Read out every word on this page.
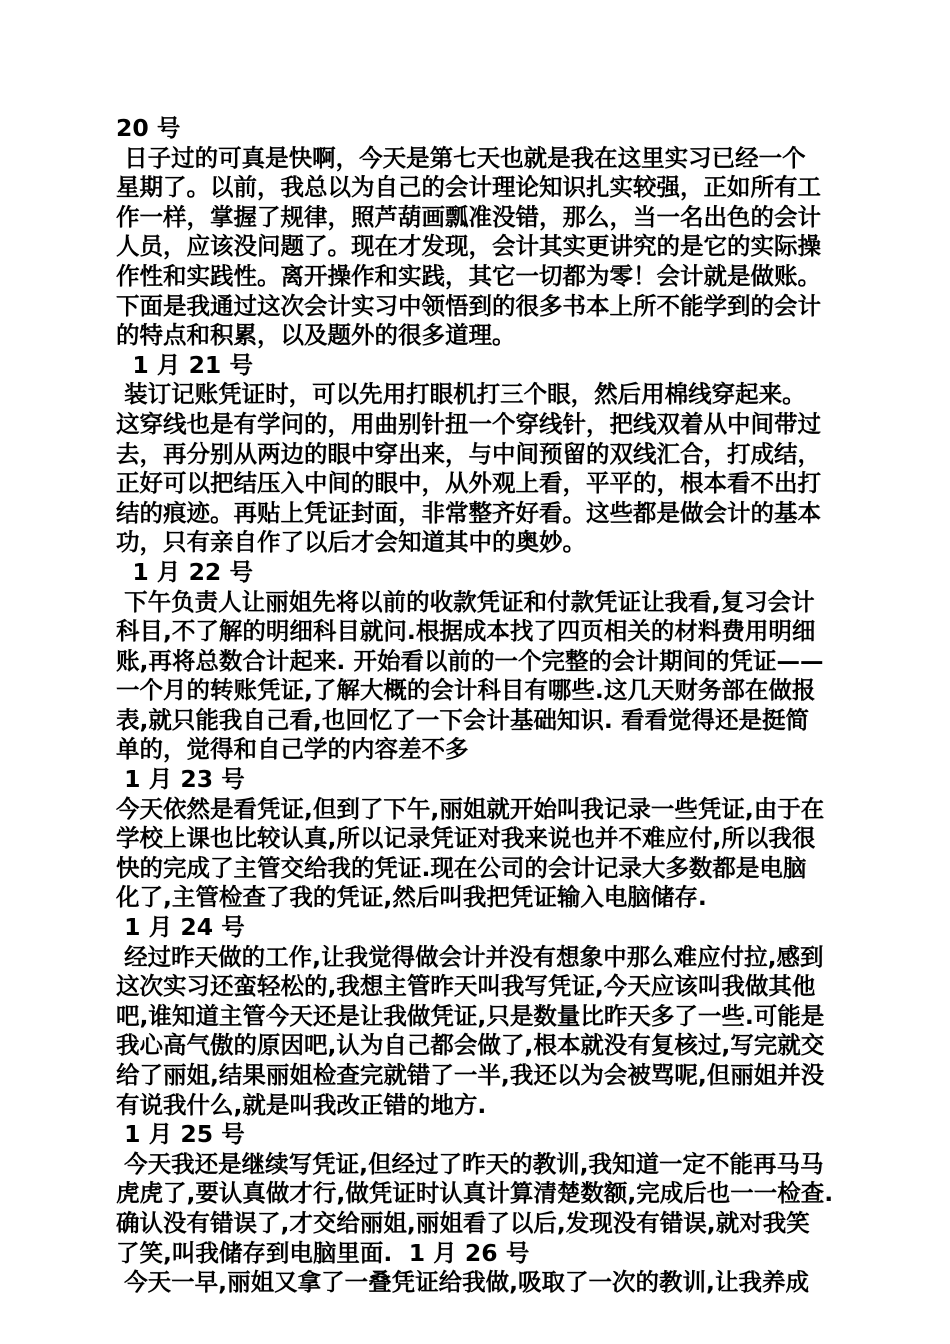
20 号
日子过的可真是快啊，今天是第七天也就是我在这里实习已经一个
星期了。以前，我总以为自己的会计理论知识扎实较强，正如所有工
作一样，掌握了规律，照芦葫画瓢准没错，那么，当一名出色的会计
人员，应该没问题了。现在才发现，会计其实更讲究的是它的实际操
作性和实践性。离开操作和实践，其它一切都为零！会计就是做账。
下面是我通过这次会计实习中领悟到的很多书本上所不能学到的会计
的特点和积累，以及题外的很多道理。
1 月 21 号
装订记账凭证时，可以先用打眼机打三个眼，然后用棉线穿起来。
这穿线也是有学问的，用曲别针扭一个穿线针，把线双着从中间带过
去，再分别从两边的眼中穿出来，与中间预留的双线汇合，打成结，
正好可以把结压入中间的眼中，从外观上看，平平的，根本看不出打
结的痕迹。再贴上凭证封面，非常整齐好看。这些都是做会计的基本
功，只有亲自作了以后才会知道其中的奥妙。
1 月 22 号
下午负责人让丽姐先将以前的收款凭证和付款凭证让我看,复习会计
科目,不了解的明细科目就问.根据成本找了四页相关的材料费用明细
账,再将总数合计起来. 开始看以前的一个完整的会计期间的凭证——
一个月的转账凭证,了解大概的会计科目有哪些.这几天财务部在做报
表,就只能我自己看,也回忆了一下会计基础知识. 看看觉得还是挺简
单的，觉得和自己学的内容差不多
1 月 23 号
今天依然是看凭证,但到了下午,丽姐就开始叫我记录一些凭证,由于在
学校上课也比较认真,所以记录凭证对我来说也并不难应付,所以我很
快的完成了主管交给我的凭证.现在公司的会计记录大多数都是电脑
化了,主管检查了我的凭证,然后叫我把凭证输入电脑储存.
1 月 24 号
经过昨天做的工作,让我觉得做会计并没有想象中那么难应付拉,感到
这次实习还蛮轻松的,我想主管昨天叫我写凭证,今天应该叫我做其他
吧,谁知道主管今天还是让我做凭证,只是数量比昨天多了一些.可能是
我心高气傲的原因吧,认为自己都会做了,根本就没有复核过,写完就交
给了丽姐,结果丽姐检查完就错了一半,我还以为会被骂呢,但丽姐并没
有说我什么,就是叫我改正错的地方.
1 月 25 号
今天我还是继续写凭证,但经过了昨天的教训,我知道一定不能再马马
虎虎了,要认真做才行,做凭证时认真计算清楚数额,完成后也一一检查.
确认没有错误了,才交给丽姐,丽姐看了以后,发现没有错误,就对我笑
了笑,叫我储存到电脑里面.  1 月 26 号
今天一早,丽姐又拿了一叠凭证给我做,吸取了一次的教训,让我养成
